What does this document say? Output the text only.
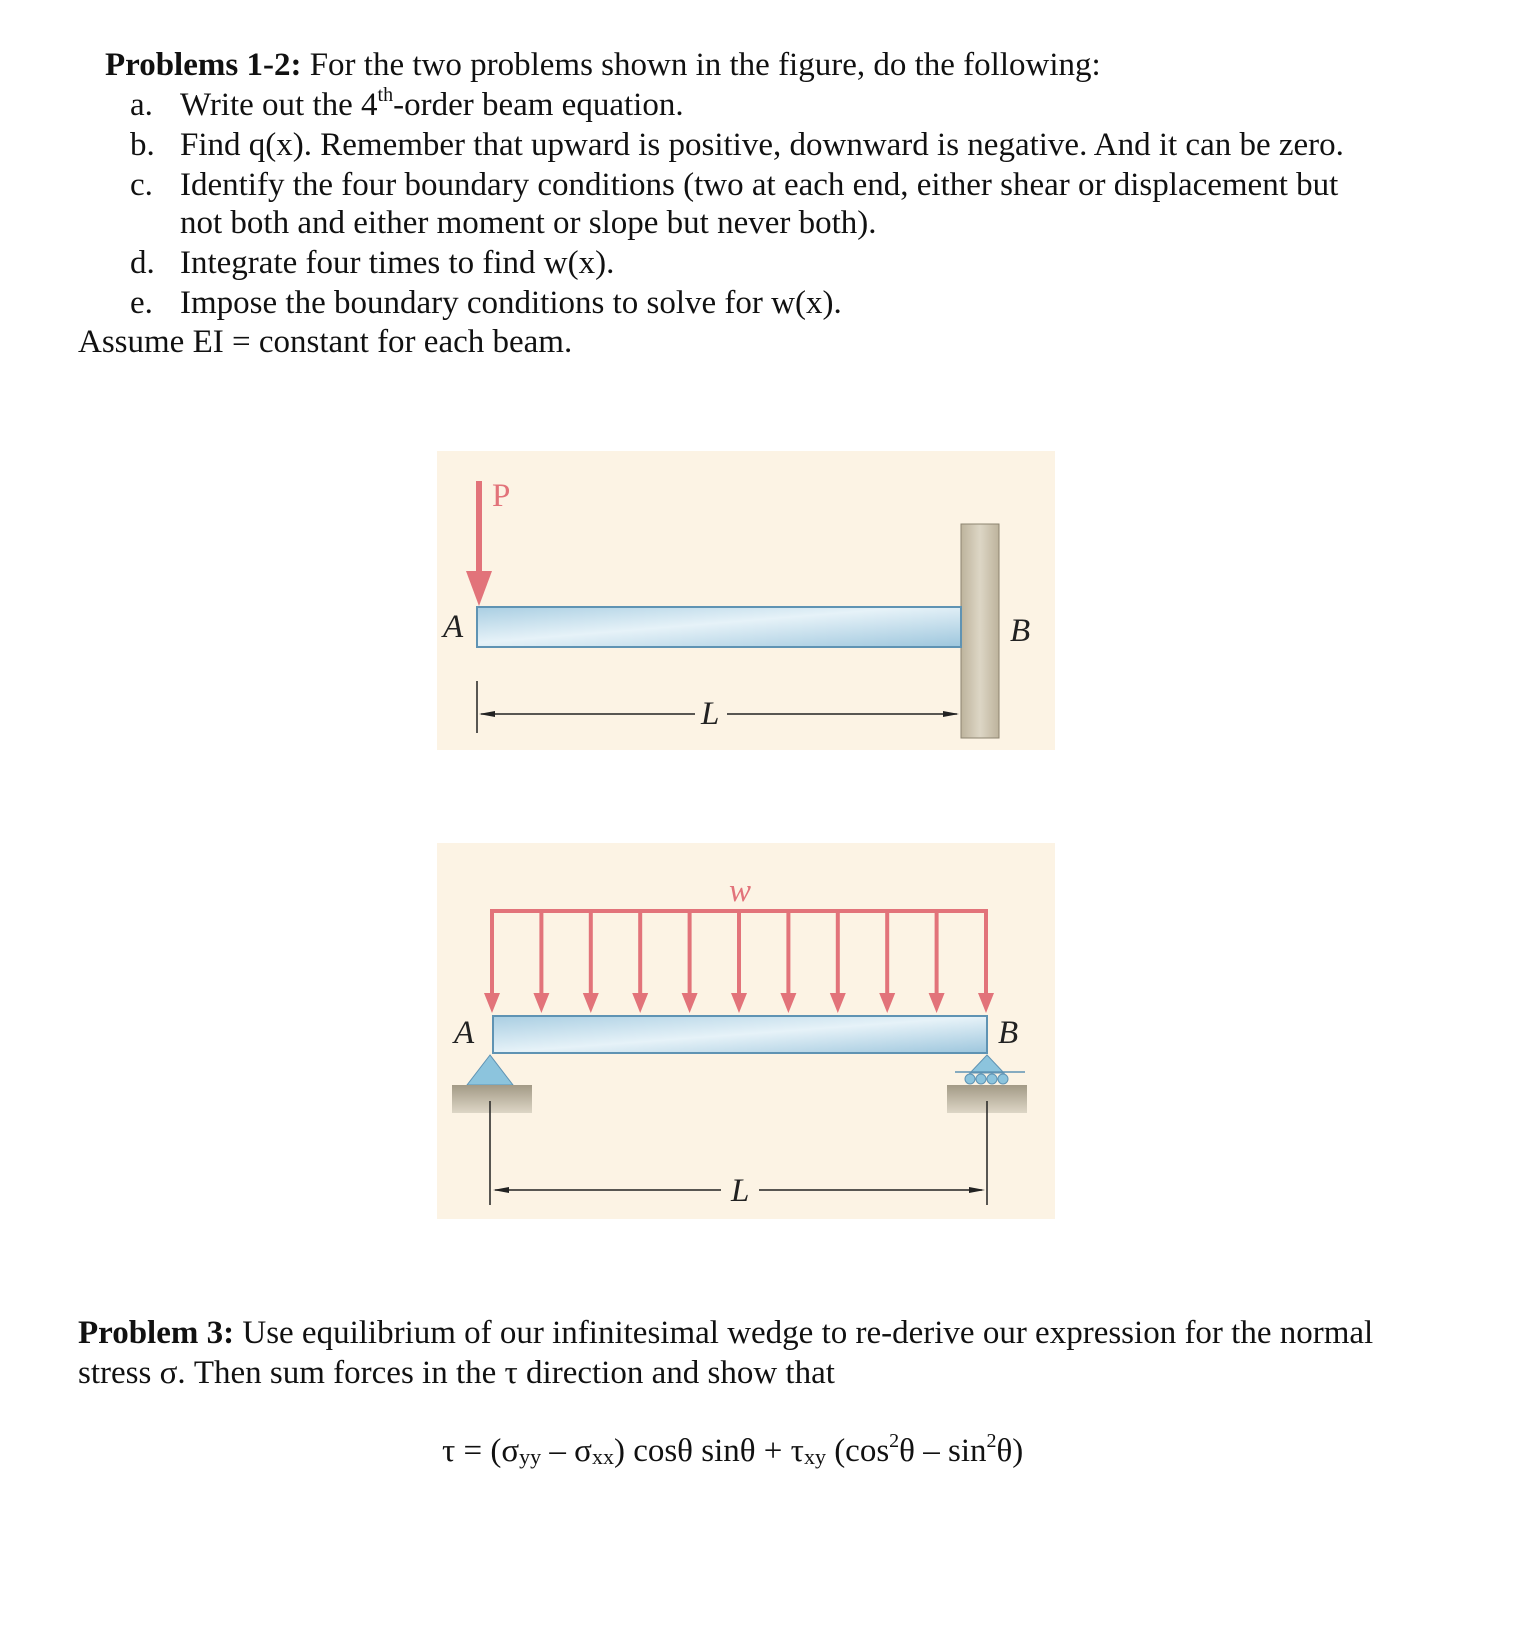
Problems 1-2: For the two problems shown in the figure, do the following:
a. Write out the 4th-order beam equation.
b. Find q(x). Remember that upward is positive, downward is negative. And it can be zero.
c. Identify the four boundary conditions (two at each end, either shear or displacement but
not both and either moment or slope but never both).
d. Integrate four times to find w(x).
e. Impose the boundary conditions to solve for w(x).
Assume EI = constant for each beam.
P
A	B
L
w
A	B
L
Problem 3: Use equilibrium of our infinitesimal wedge to re-derive our expression for the normal
stress σ. Then sum forces in the τ direction and show that
$\tau = (\sigma_{yy} - \sigma_{xx})$ cosθ $\sin\theta + \tau_{xy}$ $(\cos^2\theta - \sin^2\theta)$
